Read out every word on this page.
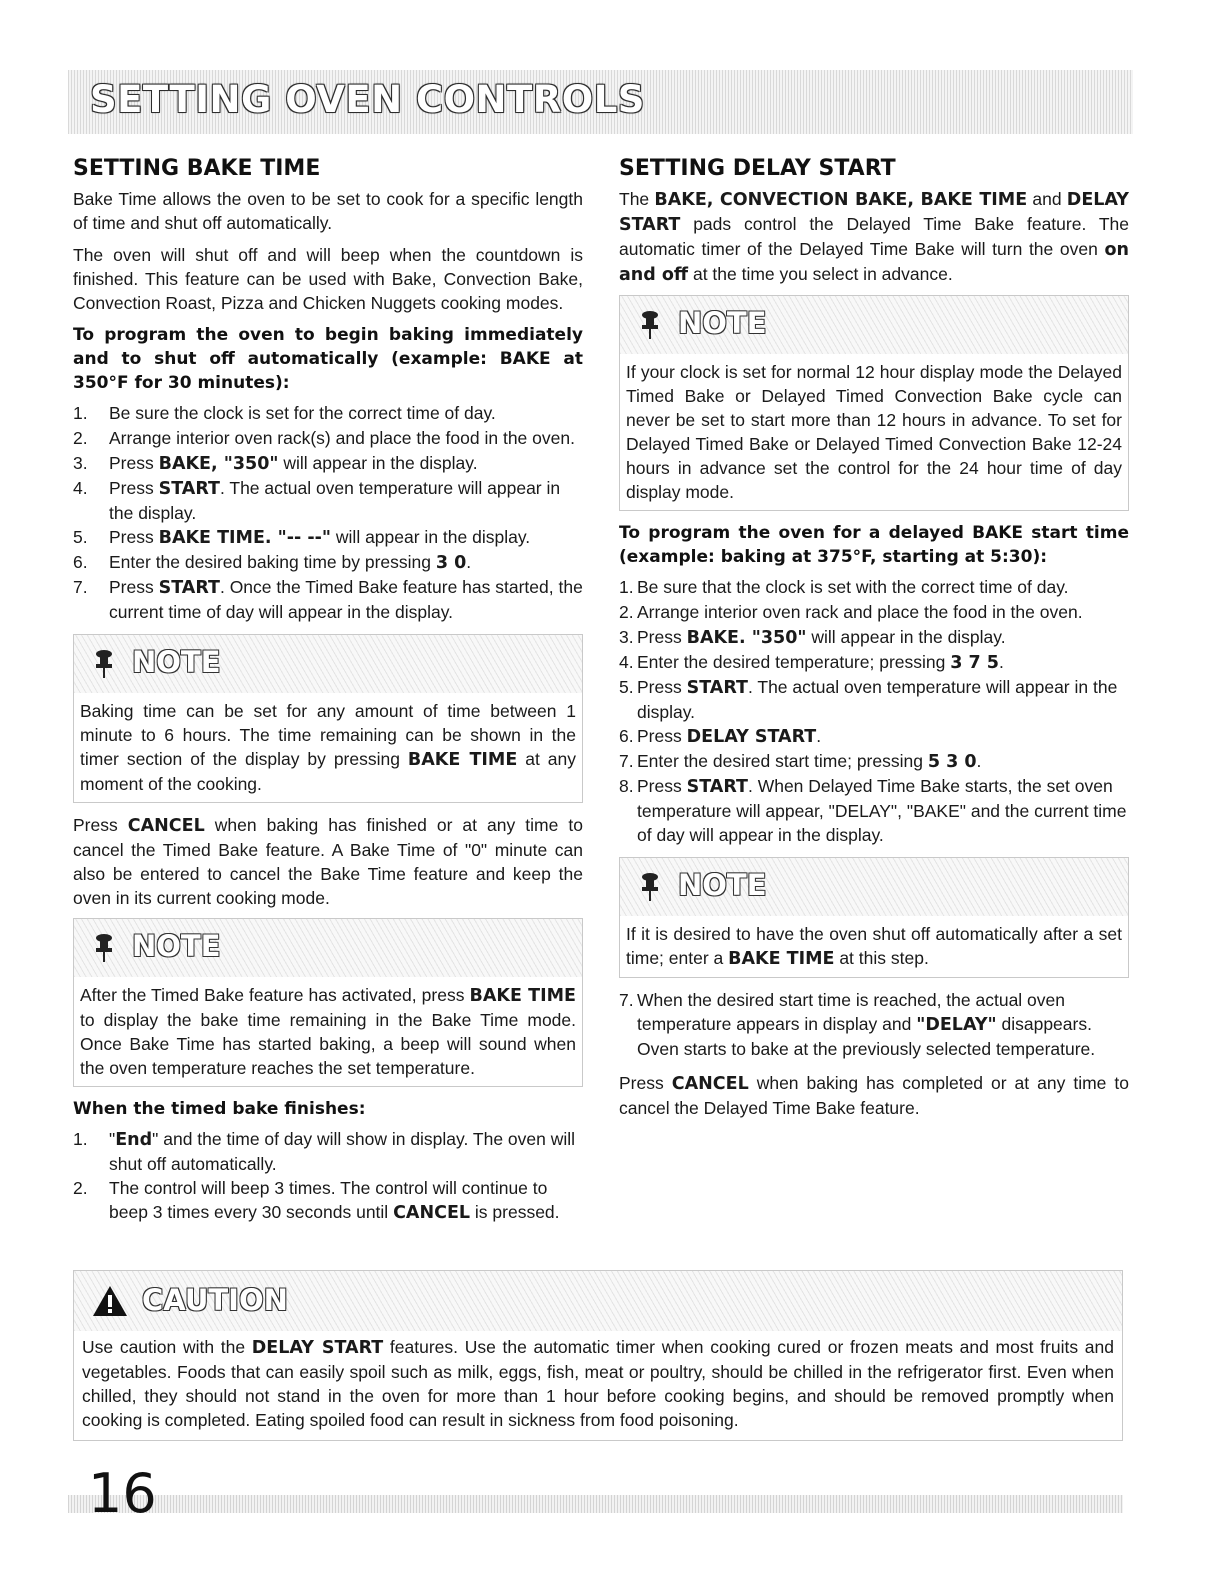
SETTING OVEN CONTROLS
SETTING BAKE TIME

Bake Time allows the oven to be set to cook for a specific length of time and shut off automatically.

The oven will shut off and will beep when the countdown is finished. This feature can be used with Bake, Convection Bake, Convection Roast, Pizza and Chicken Nuggets cooking modes.

To program the oven to begin baking immediately and to shut off automatically (example: BAKE at 350°F for 30 minutes):

1. Be sure the clock is set for the correct time of day.
2. Arrange interior oven rack(s) and place the food in the oven.
3. Press BAKE, "350" will appear in the display.
4. Press START. The actual oven temperature will appear in the display.
5. Press BAKE TIME. "-- --" will appear in the display.
6. Enter the desired baking time by pressing 3 0.
7. Press START. Once the Timed Bake feature has started, the current time of day will appear in the display.
NOTE
Baking time can be set for any amount of time between 1 minute to 6 hours. The time remaining can be shown in the timer section of the display by pressing BAKE TIME at any moment of the cooking.

Press CANCEL when baking has finished or at any time to cancel the Timed Bake feature. A Bake Time of "0" minute can also be entered to cancel the Bake Time feature and keep the oven in its current cooking mode.

NOTE
After the Timed Bake feature has activated, press BAKE TIME to display the bake time remaining in the Bake Time mode. Once Bake Time has started baking, a beep will sound when the oven temperature reaches the set temperature.

When the timed bake finishes:

1. "End" and the time of day will show in display. The oven will shut off automatically.
2. The control will beep 3 times. The control will continue to beep 3 times every 30 seconds until CANCEL is pressed.
SETTING DELAY START

The BAKE, CONVECTION BAKE, BAKE TIME and DELAY START pads control the Delayed Time Bake feature. The automatic timer of the Delayed Time Bake will turn the oven on and off at the time you select in advance.

NOTE
If your clock is set for normal 12 hour display mode the Delayed Timed Bake or Delayed Timed Convection Bake cycle can never be set to start more than 12 hours in advance. To set for Delayed Timed Bake or Delayed Timed Convection Bake 12-24 hours in advance set the control for the 24 hour time of day display mode.

To program the oven for a delayed BAKE start time (example: baking at 375°F, starting at 5:30):

1. Be sure that the clock is set with the correct time of day.
2. Arrange interior oven rack and place the food in the oven.
3. Press BAKE. "350" will appear in the display.
4. Enter the desired temperature; pressing 3 7 5.
5. Press START. The actual oven temperature will appear in the display.
6. Press DELAY START.
7. Enter the desired start time; pressing 5 3 0.
8. Press START. When Delayed Time Bake starts, the set oven temperature will appear, "DELAY", "BAKE" and the current time of day will appear in the display.
NOTE
If it is desired to have the oven shut off automatically after a set time; enter a BAKE TIME at this step.
7. When the desired start time is reached, the actual oven temperature appears in display and "DELAY" disappears. Oven starts to bake at the previously selected temperature.

Press CANCEL when baking has completed or at any time to cancel the Delayed Time Bake feature.

CAUTION
Use caution with the DELAY START features. Use the automatic timer when cooking cured or frozen meats and most fruits and vegetables. Foods that can easily spoil such as milk, eggs, fish, meat or poultry, should be chilled in the refrigerator first. Even when chilled, they should not stand in the oven for more than 1 hour before cooking begins, and should be removed promptly when cooking is completed. Eating spoiled food can result in sickness from food poisoning.
16
